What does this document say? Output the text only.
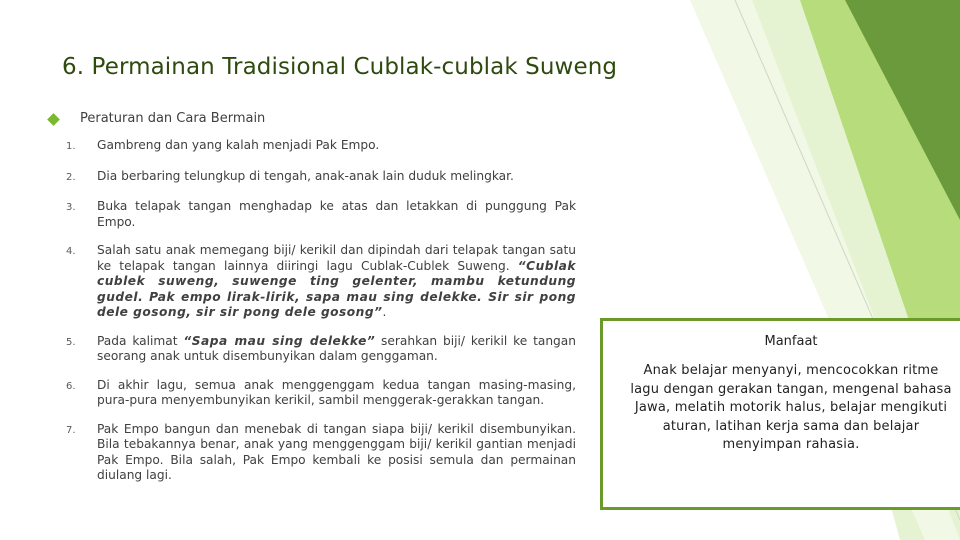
6. Permainan Tradisional Cublak-cublak Suweng
Peraturan dan Cara Bermain
1. Gambreng dan yang kalah menjadi Pak Empo.
2. Dia berbaring telungkup di tengah, anak-anak lain duduk melingkar.
3. Buka telapak tangan menghadap ke atas dan letakkan di punggung Pak Empo.
4. Salah satu anak memegang biji/ kerikil dan dipindah dari telapak tangan satu ke telapak tangan lainnya diiringi lagu Cublak-Cublek Suweng. “Cublak cublek suweng, suwenge ting gelenter, mambu ketundung gudel. Pak empo lirak-lirik, sapa mau sing delekke. Sir sir pong dele gosong, sir sir pong dele gosong”.
5. Pada kalimat “Sapa mau sing delekke” serahkan biji/ kerikil ke tangan seorang anak untuk disembunyikan dalam genggaman.
6. Di akhir lagu, semua anak menggenggam kedua tangan masing-masing, pura-pura menyembunyikan kerikil, sambil menggerak-gerakkan tangan.
7. Pak Empo bangun dan menebak di tangan siapa biji/ kerikil disembunyikan. Bila tebakannya benar, anak yang menggenggam biji/ kerikil gantian menjadi Pak Empo. Bila salah, Pak Empo kembali ke posisi semula dan permainan diulang lagi.
Manfaat
Anak belajar menyanyi, mencocokkan ritme
lagu dengan gerakan tangan, mengenal bahasa
Jawa, melatih motorik halus, belajar mengikuti
aturan, latihan kerja sama dan belajar
menyimpan rahasia.
